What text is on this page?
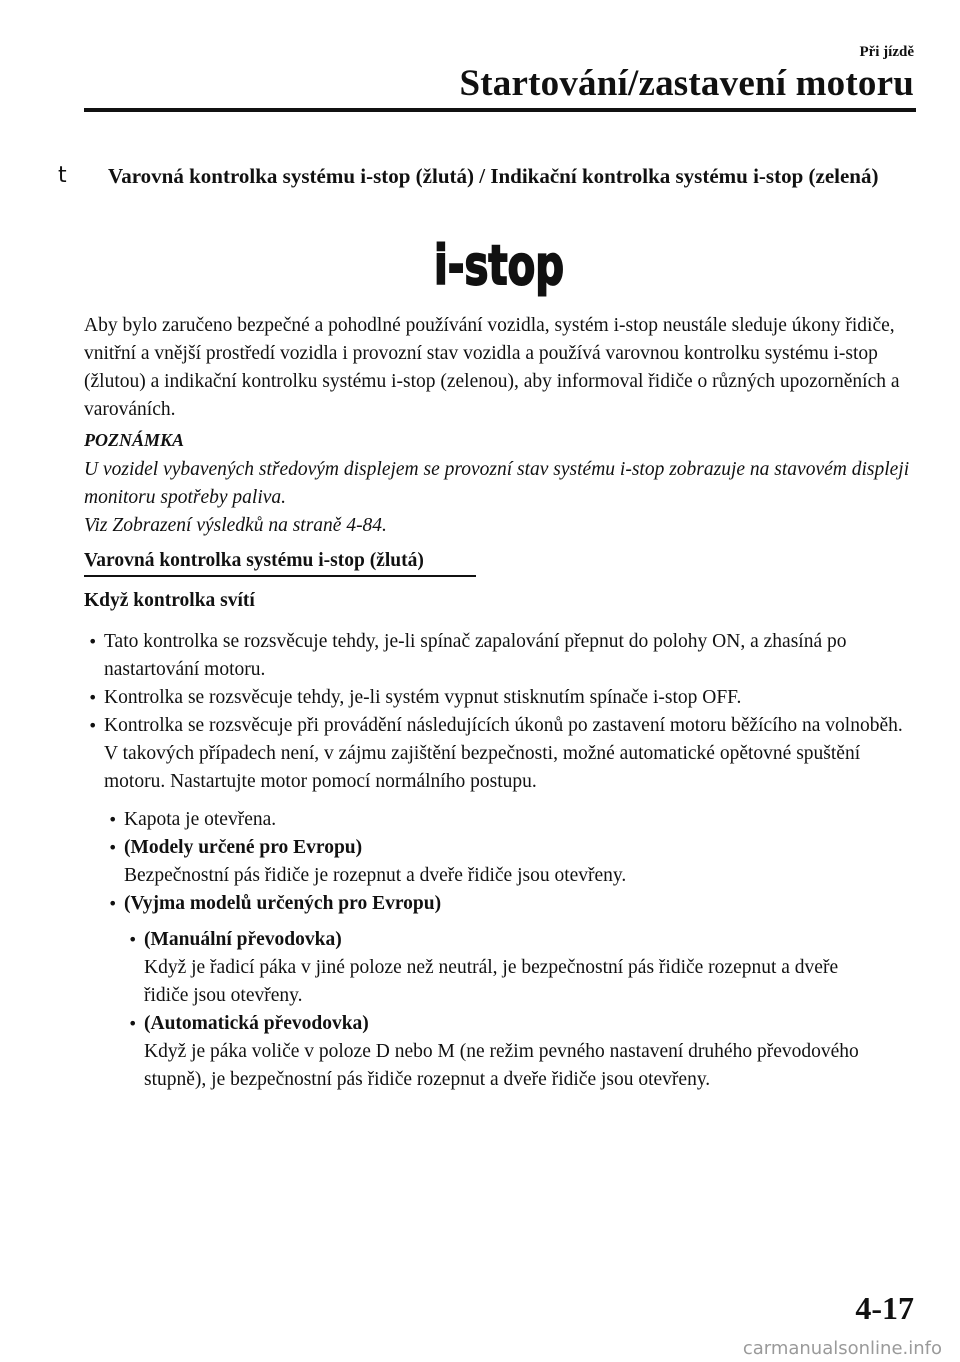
Při jízdě
Startování/zastavení motoru
t	Varovná kontrolka systému i-stop (žlutá) / Indikační kontrolka systému i-stop (zelená)
i-stop
Aby bylo zaručeno bezpečné a pohodlné používání vozidla, systém i-stop neustále sleduje úkony řidiče, vnitřní a vnější prostředí vozidla i provozní stav vozidla a používá varovnou kontrolku systému i-stop (žlutou) a indikační kontrolku systému i-stop (zelenou), aby informoval řidiče o různých upozorněních a varováních.
POZNÁMKA
U vozidel vybavených středovým displejem se provozní stav systému i-stop zobrazuje na stavovém displeji monitoru spotřeby paliva.
Viz Zobrazení výsledků na straně 4-84.
Varovná kontrolka systému i-stop (žlutá)
Když kontrolka svítí
• Tato kontrolka se rozsvěcuje tehdy, je-li spínač zapalování přepnut do polohy ON, a zhasíná po nastartování motoru.
• Kontrolka se rozsvěcuje tehdy, je-li systém vypnut stisknutím spínače i-stop OFF.
• Kontrolka se rozsvěcuje při provádění následujících úkonů po zastavení motoru běžícího na volnoběh. V takových případech není, v zájmu zajištění bezpečnosti, možné automatické opětovné spuštění motoru. Nastartujte motor pomocí normálního postupu.
• Kapota je otevřena.
• (Modely určené pro Evropu)
Bezpečnostní pás řidiče je rozepnut a dveře řidiče jsou otevřeny.
• (Vyjma modelů určených pro Evropu)
• (Manuální převodovka)
Když je řadicí páka v jiné poloze než neutrál, je bezpečnostní pás řidiče rozepnut a dveře řidiče jsou otevřeny.
• (Automatická převodovka)
Když je páka voliče v poloze D nebo M (ne režim pevného nastavení druhého převodového stupně), je bezpečnostní pás řidiče rozepnut a dveře řidiče jsou otevřeny.
4-17
carmanualsonline.info
